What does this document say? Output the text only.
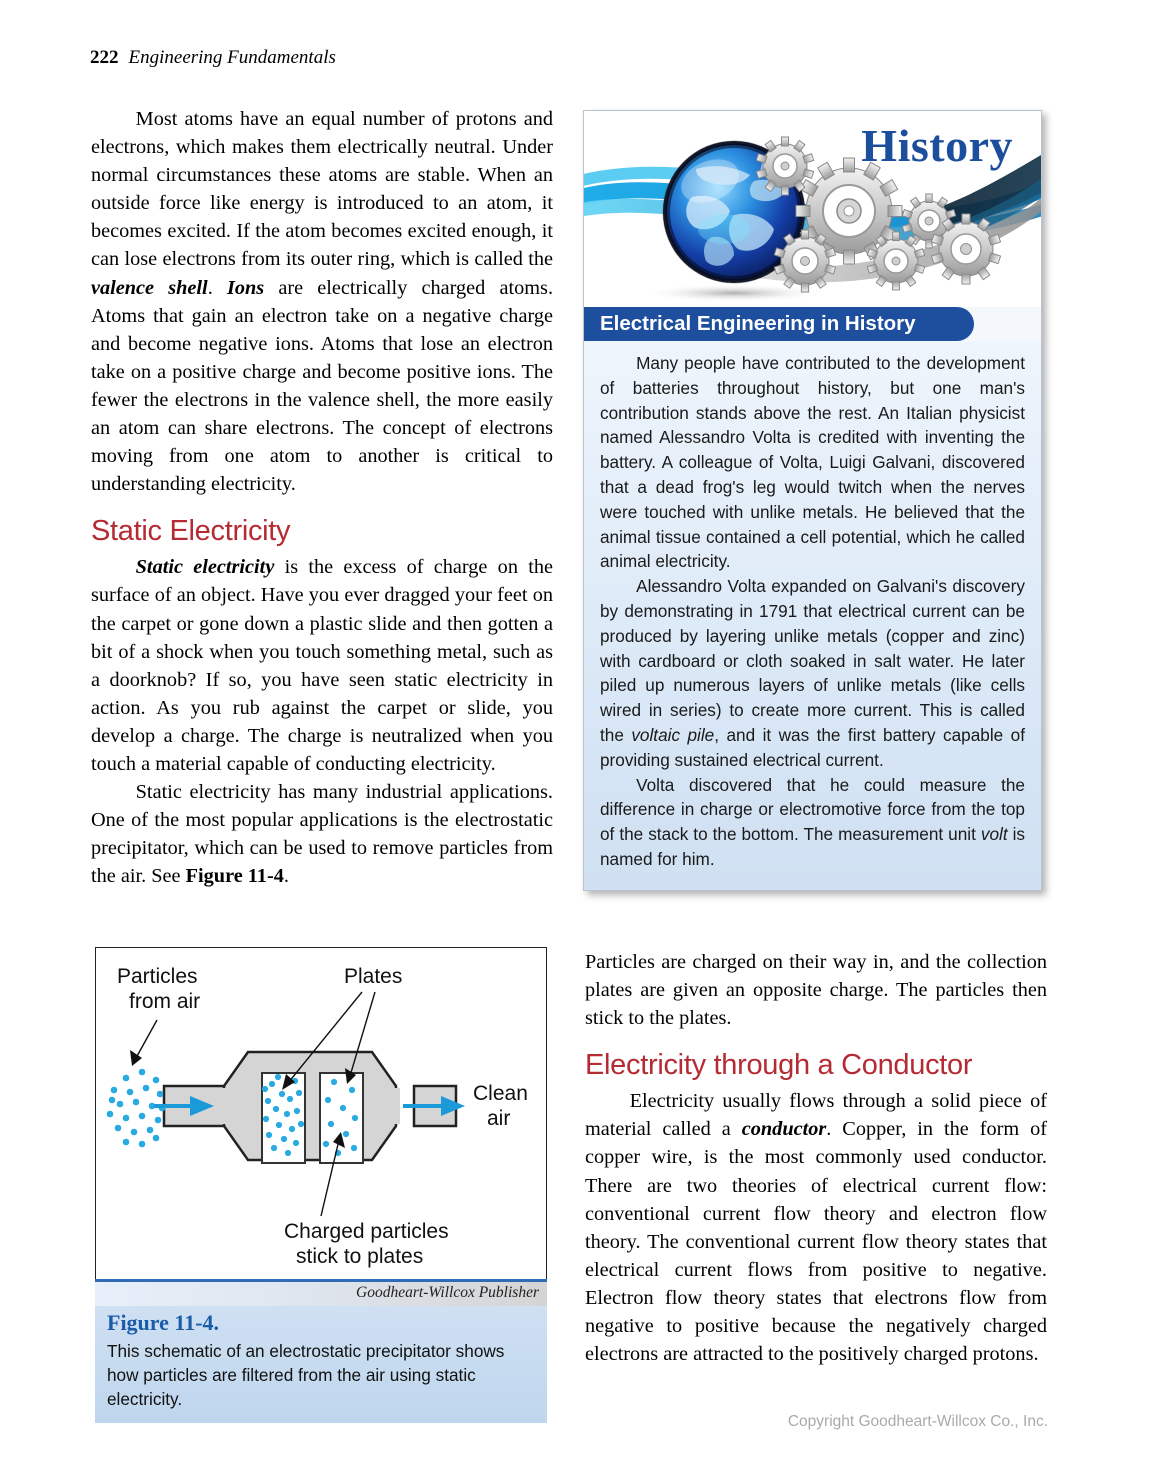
222 Engineering Fundamentals

Most atoms have an equal number of protons and electrons, which makes them electrically neutral. Under normal circumstances these atoms are stable. When an outside force like energy is introduced to an atom, it becomes excited. If the atom becomes excited enough, it can lose electrons from its outer ring, which is called the valence shell. Ions are electrically charged atoms. Atoms that gain an electron take on a negative charge and become negative ions. Atoms that lose an electron take on a positive charge and become positive ions. The fewer the electrons in the valence shell, the more easily an atom can share electrons. The concept of electrons moving from one atom to another is critical to understanding electricity.

Static Electricity

Static electricity is the excess of charge on the surface of an object. Have you ever dragged your feet on the carpet or gone down a plastic slide and then gotten a bit of a shock when you touch something metal, such as a doorknob? If so, you have seen static electricity in action. As you rub against the carpet or slide, you develop a charge. The charge is neutralized when you touch a material capable of conducting electricity.

Static electricity has many industrial applications. One of the most popular applications is the electrostatic precipitator, which can be used to remove particles from the air. See Figure 11-4.

History
Electrical Engineering in History

Many people have contributed to the development of batteries throughout history, but one man's contribution stands above the rest. An Italian physicist named Alessandro Volta is credited with inventing the battery. A colleague of Volta, Luigi Galvani, discovered that a dead frog's leg would twitch when the nerves were touched with unlike metals. He believed that the animal tissue contained a cell potential, which he called animal electricity.

Alessandro Volta expanded on Galvani's discovery by demonstrating in 1791 that electrical current can be produced by layering unlike metals (copper and zinc) with cardboard or cloth soaked in salt water. He later piled up numerous layers of unlike metals (like cells wired in series) to create more current. This is called the voltaic pile, and it was the first battery capable of providing sustained electrical current.

Volta discovered that he could measure the difference in charge or electromotive force from the top of the stack to the bottom. The measurement unit volt is named for him.

Particles
from air
Plates
Clean
air
Charged particles
stick to plates
Goodheart-Willcox Publisher
Figure 11-4.

This schematic of an electrostatic precipitator shows how particles are filtered from the air using static electricity.

Particles are charged on their way in, and the collection plates are given an opposite charge. The particles then stick to the plates.

Electricity through a Conductor

Electricity usually flows through a solid piece of material called a conductor. Copper, in the form of copper wire, is the most commonly used conductor. There are two theories of electrical current flow: conventional current flow theory and electron flow theory. The conventional current flow theory states that electrical current flows from positive to negative. Electron flow theory states that electrons flow from negative to positive because the negatively charged electrons are attracted to the positively charged protons.

Copyright Goodheart-Willcox Co., Inc.
